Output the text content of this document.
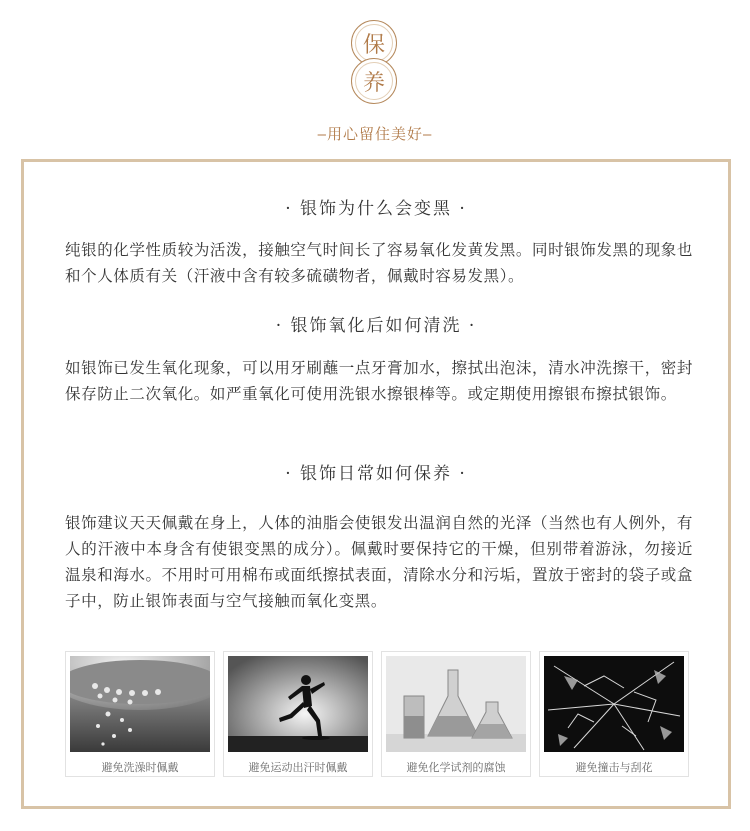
保
养
–用心留住美好–
· 银饰为什么会变黑 ·

纯银的化学性质较为活泼，接触空气时间长了容易氧化发黄发黑。同时银饰发黑的现象也和个人体质有关（汗液中含有较多硫磺物者，佩戴时容易发黑）。

· 银饰氧化后如何清洗 ·

如银饰已发生氧化现象，可以用牙刷蘸一点牙膏加水，擦拭出泡沫，清水冲洗擦干，密封保存防止二次氧化。如严重氧化可使用洗银水擦银棒等。或定期使用擦银布擦拭银饰。

· 银饰日常如何保养 ·

银饰建议天天佩戴在身上，人体的油脂会使银发出温润自然的光泽（当然也有人例外，有人的汗液中本身含有使银变黑的成分）。佩戴时要保持它的干燥，但别带着游泳，勿接近温泉和海水。不用时可用棉布或面纸擦拭表面，清除水分和污垢，置放于密封的袋子或盒子中，防止银饰表面与空气接触而氧化变黑。

避免洗澡时佩戴	避免运动出汗时佩戴	避免化学试剂的腐蚀	避免撞击与刮花
